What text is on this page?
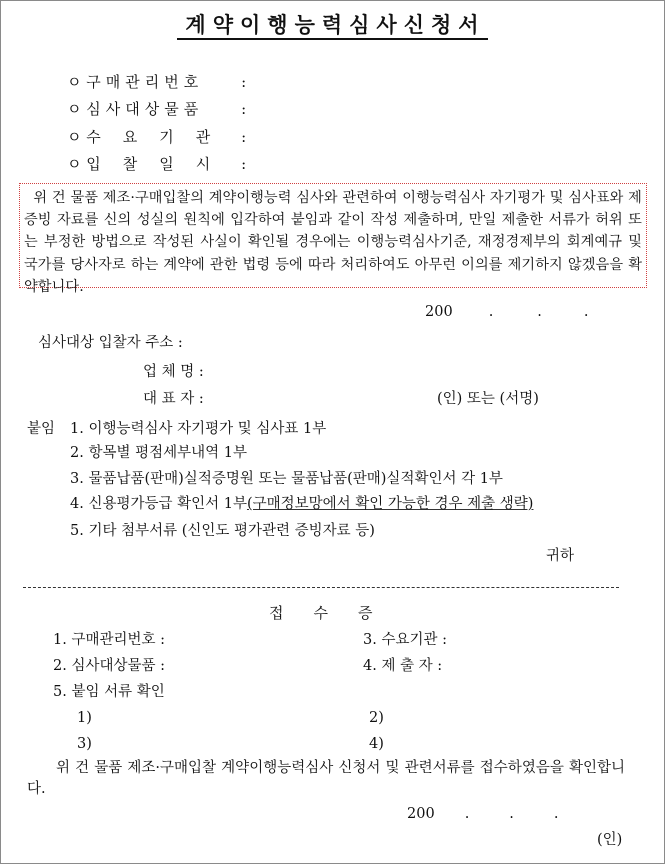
계약이행능력심사신청서
ㅇ 구매관리번호	:
ㅇ 심사대상물품	:
ㅇ 수요기관 :
ㅇ 입찰일시 :
위 건 물품 제조·구매입찰의 계약이행능력 심사와 관련하여 이행능력심사 자기평가 및 심사표와 제증빙 자료를 신의 성실의 원칙에 입각하여 붙임과 같이 작성 제출하며, 만일 제출한 서류가 허위 또는 부정한 방법으로 작성된 사실이 확인될 경우에는 이행능력심사기준, 재정경제부의 회계예규 및 국가를 당사자로 하는 계약에 관한 법령 등에 따라 처리하여도 아무런 이의를 제기하지 않겠음을 확약합니다.
200 .	.	.
심사대상 입찰자 주소 :
업 체 명 :
대 표 자 :	(인) 또는 (서명)
붙임 1. 이행능력심사 자기평가 및 심사표 1부
2. 항목별 평점세부내역 1부
3. 물품납품(판매)실적증명원 또는 물품납품(판매)실적확인서 각 1부
4. 신용평가등급 확인서 1부(구매정보망에서 확인 가능한 경우 제출 생략)
5. 기타 첨부서류 (신인도 평가관련 증빙자료 등)
귀하
접수증
1. 구매관리번호 :	3. 수요기관 :
2. 심사대상물품 :	4. 제 출 자 :
5. 붙임 서류 확인
1)	2)
3)	4)
위 건 물품 제조·구매입찰 계약이행능력심사 신청서 및 관련서류를 접수하였음을 확인합니다.
200 .	.	.
(인)
